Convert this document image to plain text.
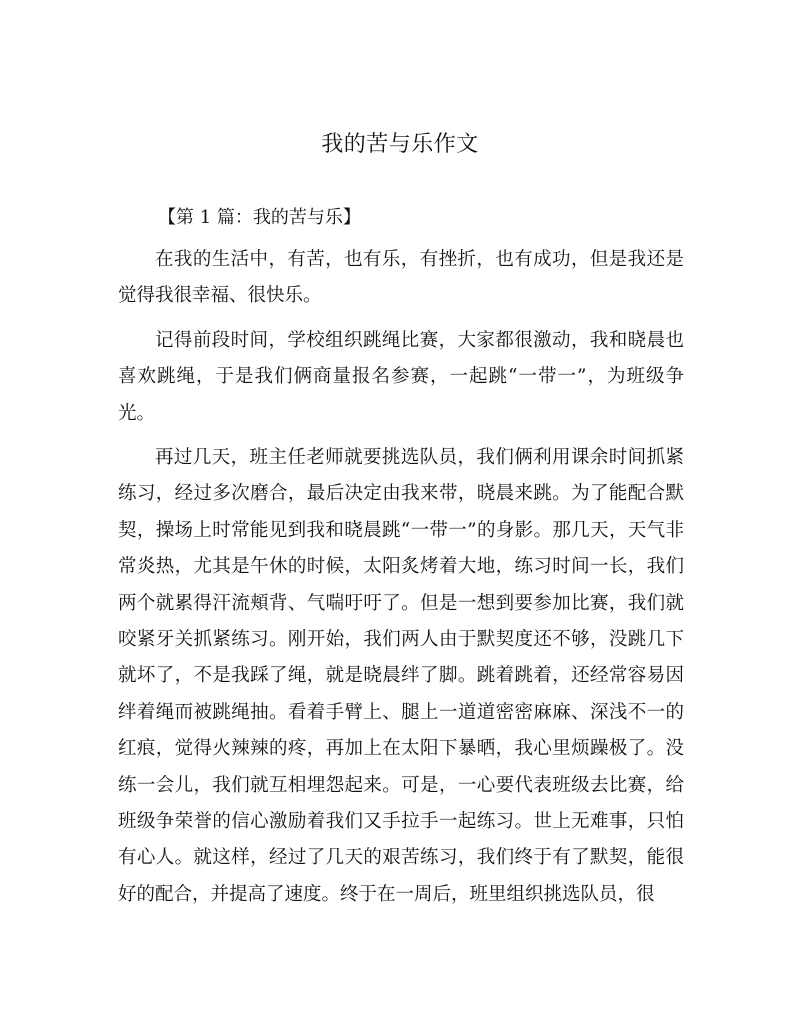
我的苦与乐作文
【第 1 篇：我的苦与乐】

在我的生活中，有苦，也有乐，有挫折，也有成功，但是我还是觉得我很幸福、很快乐。

记得前段时间，学校组织跳绳比赛，大家都很激动，我和晓晨也喜欢跳绳，于是我们俩商量报名参赛，一起跳“一带一”，为班级争光。

再过几天，班主任老师就要挑选队员，我们俩利用课余时间抓紧练习，经过多次磨合，最后决定由我来带，晓晨来跳。为了能配合默契，操场上时常能见到我和晓晨跳“一带一”的身影。那几天，天气非常炎热，尤其是午休的时候，太阳炙烤着大地，练习时间一长，我们两个就累得汗流頬背、气喘吁吁了。但是一想到要参加比赛，我们就咬紧牙关抓紧练习。刚开始，我们两人由于默契度还不够，没跳几下就坏了，不是我踩了绳，就是晓晨绊了脚。跳着跳着，还经常容易因绊着绳而被跳绳抽。看着手臂上、腿上一道道密密麻麻、深浅不一的红痕，觉得火辣辣的疼，再加上在太阳下暴晒，我心里烦躁极了。没练一会儿，我们就互相埋怨起来。可是，一心要代表班级去比赛，给班级争荣誉的信心激励着我们又手拉手一起练习。世上无难事，只怕有心人。就这样，经过了几天的艰苦练习，我们终于有了默契，能很好的配合，并提高了速度。终于在一周后，班里组织挑选队员，很
